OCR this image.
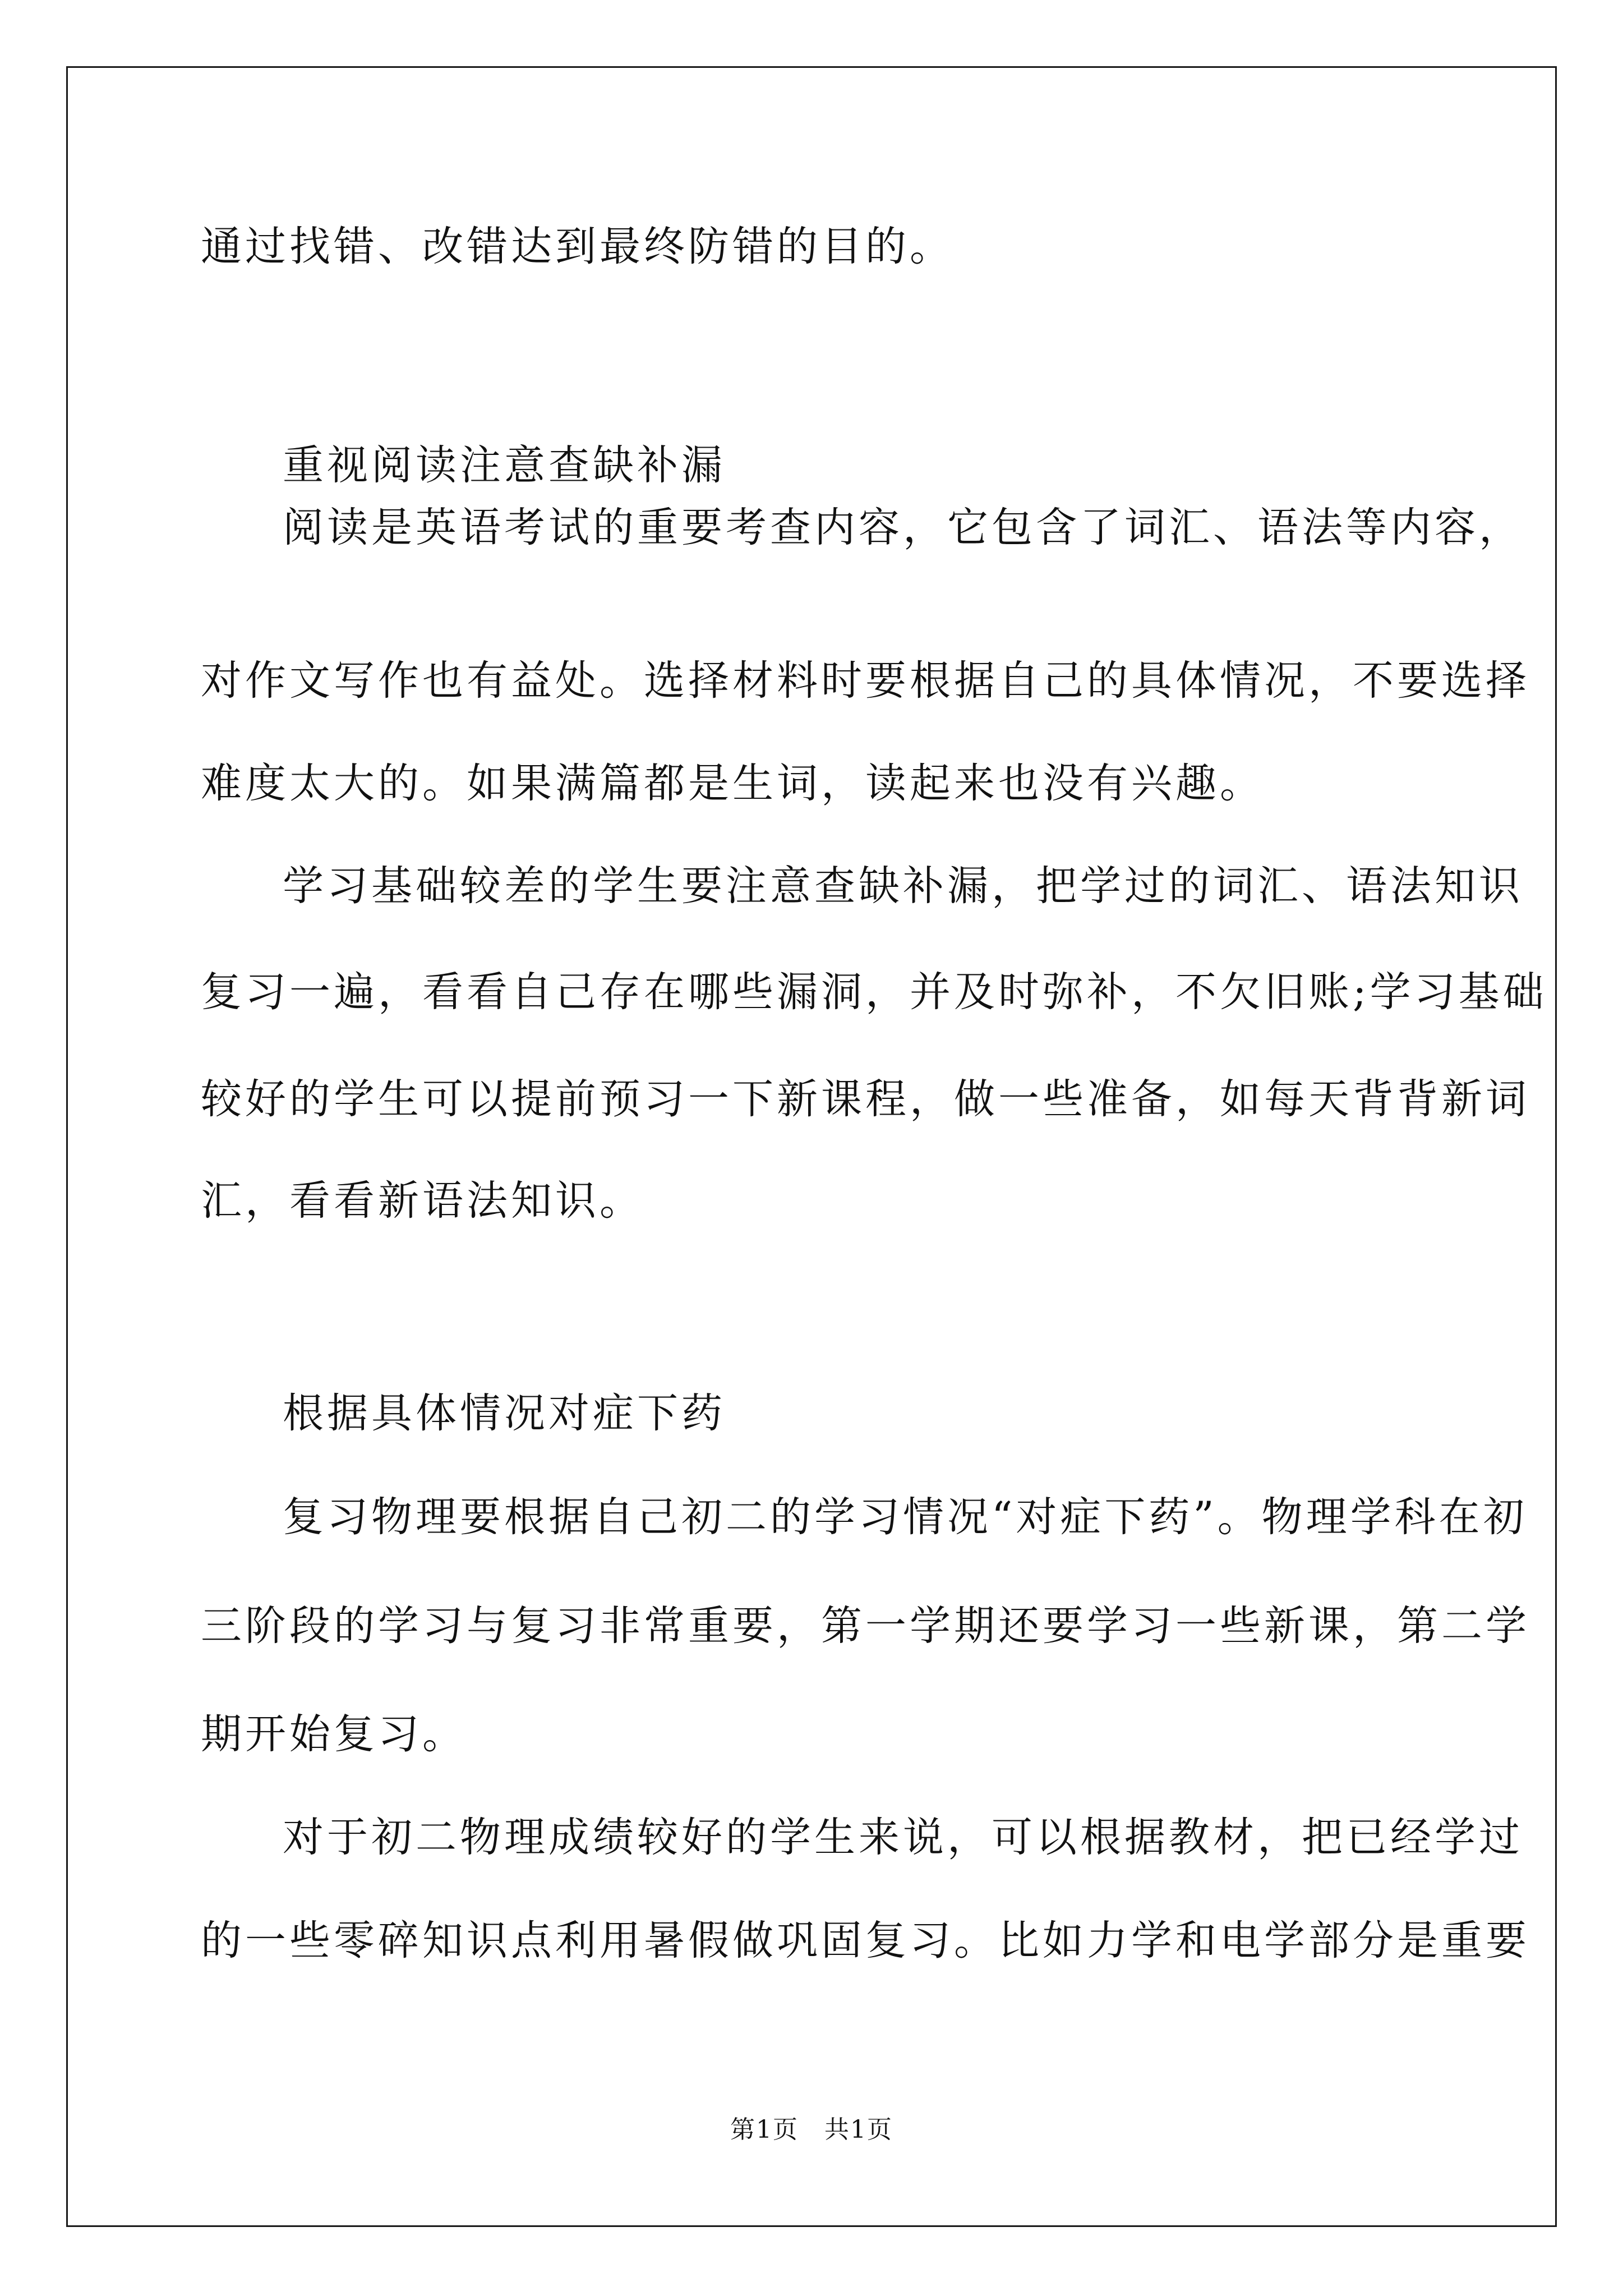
通过找错、改错达到最终防错的目的。
重视阅读注意查缺补漏
阅读是英语考试的重要考查内容，它包含了词汇、语法等内容，
对作文写作也有益处。选择材料时要根据自己的具体情况，不要选择
难度太大的。如果满篇都是生词，读起来也没有兴趣。
学习基础较差的学生要注意查缺补漏，把学过的词汇、语法知识
复习一遍，看看自己存在哪些漏洞，并及时弥补，不欠旧账;学习基础
较好的学生可以提前预习一下新课程，做一些准备，如每天背背新词
汇，看看新语法知识。
根据具体情况对症下药
复习物理要根据自己初二的学习情况“对症下药”。物理学科在初
三阶段的学习与复习非常重要，第一学期还要学习一些新课，第二学
期开始复习。
对于初二物理成绩较好的学生来说，可以根据教材，把已经学过
的一些零碎知识点利用暑假做巩固复习。比如力学和电学部分是重要
第1页　共1页
